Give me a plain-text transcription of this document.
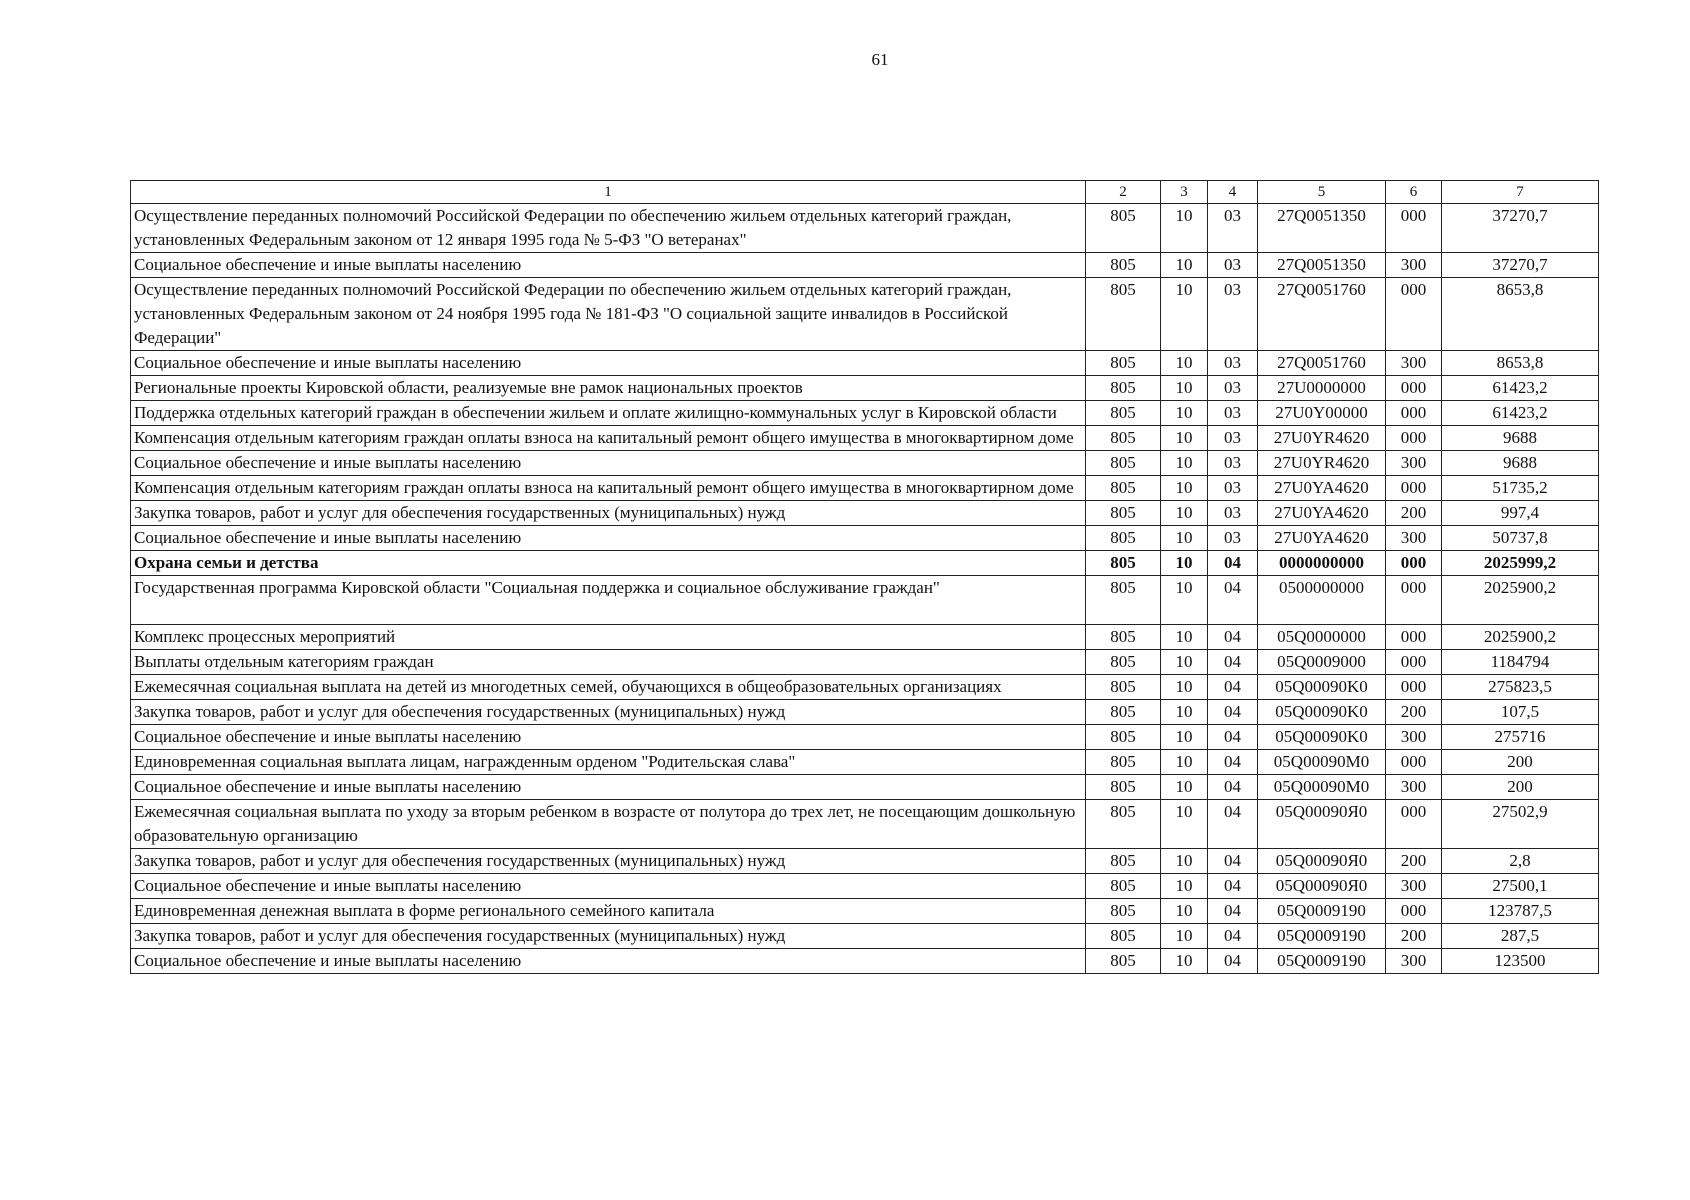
61
1	2	3	4	5	6	7
Осуществление переданных полномочий Российской Федерации по обеспечению жильем отдельных категорий граждан, установленных Федеральным законом от 12 января 1995 года № 5-ФЗ "О ветеранах"	805	10	03	27Q0051350	000	37270,7
Социальное обеспечение и иные выплаты населению	805	10	03	27Q0051350	300	37270,7
Осуществление переданных полномочий Российской Федерации по обеспечению жильем отдельных категорий граждан, установленных Федеральным законом от 24 ноября 1995 года № 181-ФЗ "О социальной защите инвалидов в Российской Федерации"	805	10	03	27Q0051760	000	8653,8
Социальное обеспечение и иные выплаты населению	805	10	03	27Q0051760	300	8653,8
Региональные проекты Кировской области, реализуемые вне рамок национальных проектов	805	10	03	27U0000000	000	61423,2
Поддержка отдельных категорий граждан в обеспечении жильем и оплате жилищно-коммунальных услуг в Кировской области	805	10	03	27U0Y00000	000	61423,2
Компенсация отдельным категориям граждан оплаты взноса на капитальный ремонт общего имущества в многоквартирном доме	805	10	03	27U0YR4620	000	9688
Социальное обеспечение и иные выплаты населению	805	10	03	27U0YR4620	300	9688
Компенсация отдельным категориям граждан оплаты взноса на капитальный ремонт общего имущества в многоквартирном доме	805	10	03	27U0YA4620	000	51735,2
Закупка товаров, работ и услуг для обеспечения государственных (муниципальных) нужд	805	10	03	27U0YA4620	200	997,4
Социальное обеспечение и иные выплаты населению	805	10	03	27U0YA4620	300	50737,8
Охрана семьи и детства	805	10	04	0000000000	000	2025999,2
Государственная программа Кировской области "Социальная поддержка и социальное обслуживание граждан"	805	10	04	0500000000	000	2025900,2
Комплекс процессных мероприятий	805	10	04	05Q0000000	000	2025900,2
Выплаты отдельным категориям граждан	805	10	04	05Q0009000	000	1184794
Ежемесячная социальная выплата на детей из многодетных семей, обучающихся в общеобразовательных организациях	805	10	04	05Q00090K0	000	275823,5
Закупка товаров, работ и услуг для обеспечения государственных (муниципальных) нужд	805	10	04	05Q00090K0	200	107,5
Социальное обеспечение и иные выплаты населению	805	10	04	05Q00090K0	300	275716
Единовременная социальная выплата лицам, награжденным орденом "Родительская слава"	805	10	04	05Q00090M0	000	200
Социальное обеспечение и иные выплаты населению	805	10	04	05Q00090M0	300	200
Ежемесячная социальная выплата по уходу за вторым ребенком в возрасте от полутора до трех лет, не посещающим дошкольную образовательную организацию	805	10	04	05Q00090Я0	000	27502,9
Закупка товаров, работ и услуг для обеспечения государственных (муниципальных) нужд	805	10	04	05Q00090Я0	200	2,8
Социальное обеспечение и иные выплаты населению	805	10	04	05Q00090Я0	300	27500,1
Единовременная денежная выплата в форме регионального семейного капитала	805	10	04	05Q0009190	000	123787,5
Закупка товаров, работ и услуг для обеспечения государственных (муниципальных) нужд	805	10	04	05Q0009190	200	287,5
Социальное обеспечение и иные выплаты населению	805	10	04	05Q0009190	300	123500
